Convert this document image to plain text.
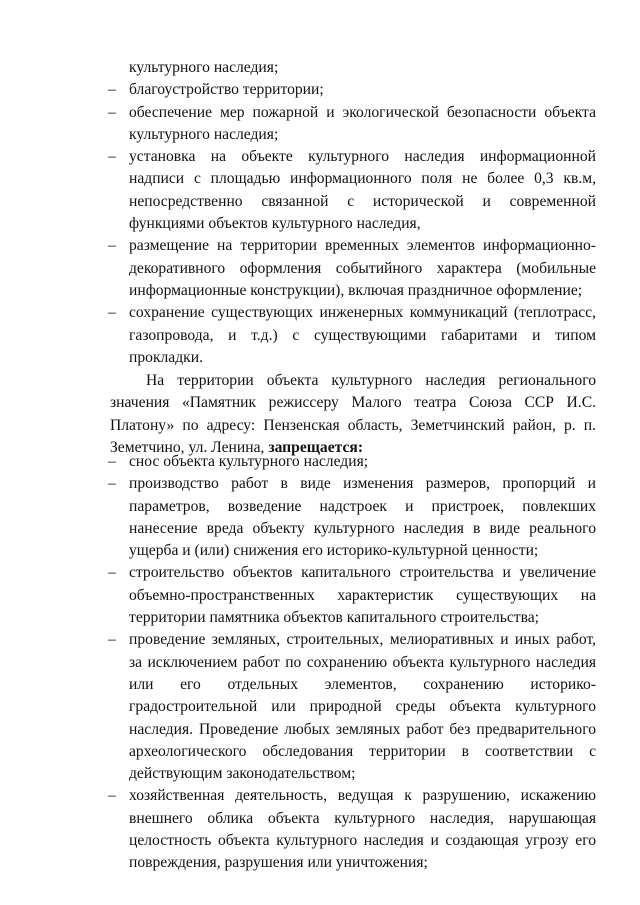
культурного наследия;
– благоустройство территории;
– обеспечение мер пожарной и экологической безопасности объекта культурного наследия;
– установка на объекте культурного наследия информационной надписи с площадью информационного поля не более 0,3 кв.м, непосредственно связанной с исторической и современной функциями объектов культурного наследия,
– размещение на территории временных элементов информационно-декоративного оформления событийного характера (мобильные информационные конструкции), включая праздничное оформление;
– сохранение существующих инженерных коммуникаций (теплотрасс, газопровода, и т.д.) с существующими габаритами и типом прокладки.
На территории объекта культурного наследия регионального значения «Памятник режиссеру Малого театра Союза ССР И.С. Платону» по адресу: Пензенская область, Земетчинский район, р. п. Земетчино, ул. Ленина, запрещается:
– снос объекта культурного наследия;
– производство работ в виде изменения размеров, пропорций и параметров, возведение надстроек и пристроек, повлекших нанесение вреда объекту культурного наследия в виде реального ущерба и (или) снижения его историко-культурной ценности;
– строительство объектов капитального строительства и увеличение объемно-пространственных характеристик существующих на территории памятника объектов капитального строительства;
– проведение земляных, строительных, мелиоративных и иных работ, за исключением работ по сохранению объекта культурного наследия или его отдельных элементов, сохранению историко-градостроительной или природной среды объекта культурного наследия. Проведение любых земляных работ без предварительного археологического обследования территории в соответствии с действующим законодательством;
– хозяйственная деятельность, ведущая к разрушению, искажению внешнего облика объекта культурного наследия, нарушающая целостность объекта культурного наследия и создающая угрозу его повреждения, разрушения или уничтожения;
